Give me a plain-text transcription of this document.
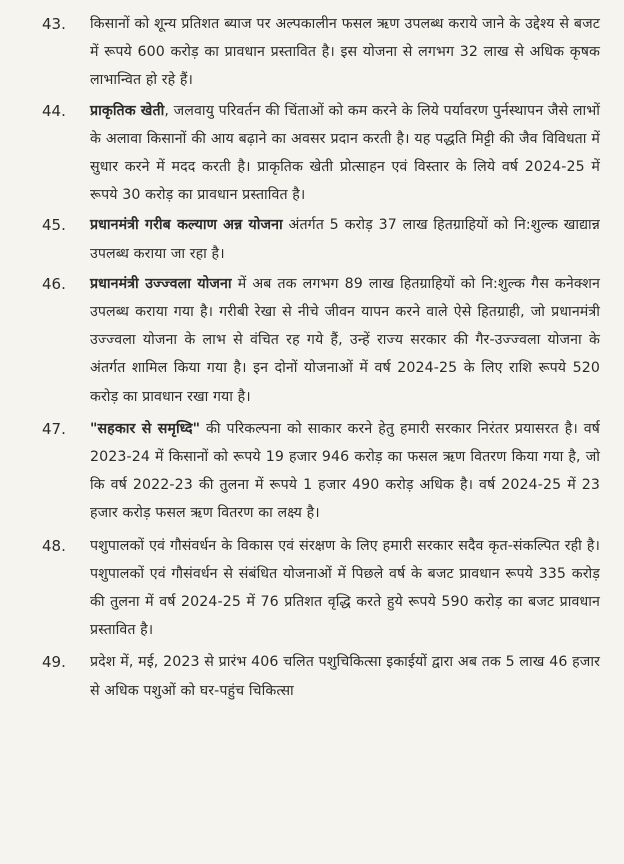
43.	किसानों को शून्य प्रतिशत ब्याज पर अल्पकालीन फसल ऋण उपलब्ध कराये जाने के उद्देश्य से बजट में रूपये 600 करोड़ का प्रावधान प्रस्तावित है। इस योजना से लगभग 32 लाख से अधिक कृषक लाभान्वित हो रहे हैं।

44.	प्राकृतिक खेती, जलवायु परिवर्तन की चिंताओं को कम करने के लिये पर्यावरण पुर्नस्थापन जैसे लाभों के अलावा किसानों की आय बढ़ाने का अवसर प्रदान करती है। यह पद्धति मिट्टी की जैव विविधता में सुधार करने में मदद करती है। प्राकृतिक खेती प्रोत्साहन एवं विस्तार के लिये वर्ष 2024-25 में रूपये 30 करोड़ का प्रावधान प्रस्तावित है।

45.	प्रधानमंत्री गरीब कल्याण अन्न योजना अंतर्गत 5 करोड़ 37 लाख हितग्राहियों को नि:शुल्क खाद्यान्न उपलब्ध कराया जा रहा है।

46.	प्रधानमंत्री उज्ज्वला योजना में अब तक लगभग 89 लाख हितग्राहियों को नि:शुल्क गैस कनेक्शन उपलब्ध कराया गया है। गरीबी रेखा से नीचे जीवन यापन करने वाले ऐसे हितग्राही, जो प्रधानमंत्री उज्ज्वला योजना के लाभ से वंचित रह गये हैं, उन्हें राज्य सरकार की गैर-उज्ज्वला योजना के अंतर्गत शामिल किया गया है। इन दोनों योजनाओं में वर्ष 2024-25 के लिए राशि रूपये 520 करोड़ का प्रावधान रखा गया है।

47.	"सहकार से समृध्दि" की परिकल्पना को साकार करने हेतु हमारी सरकार निरंतर प्रयासरत है। वर्ष 2023-24 में किसानों को रूपये 19 हजार 946 करोड़ का फसल ऋण वितरण किया गया है, जो कि वर्ष 2022-23 की तुलना में रूपये 1 हजार 490 करोड़ अधिक है। वर्ष 2024-25 में 23 हजार करोड़ फसल ऋण वितरण का लक्ष्य है।

48.	पशुपालकों एवं गौसंवर्धन के विकास एवं संरक्षण के लिए हमारी सरकार सदैव कृत-संकल्पित रही है। पशुपालकों एवं गौसंवर्धन से संबंधित योजनाओं में पिछले वर्ष के बजट प्रावधान रूपये 335 करोड़ की तुलना में वर्ष 2024-25 में 76 प्रतिशत वृद्धि करते हुये रूपये 590 करोड़ का बजट प्रावधान प्रस्तावित है।

49.	प्रदेश में, मई, 2023 से प्रारंभ 406 चलित पशुचिकित्सा इकाईयों द्वारा अब तक 5 लाख 46 हजार से अधिक पशुओं को घर-पहुंच चिकित्सा
